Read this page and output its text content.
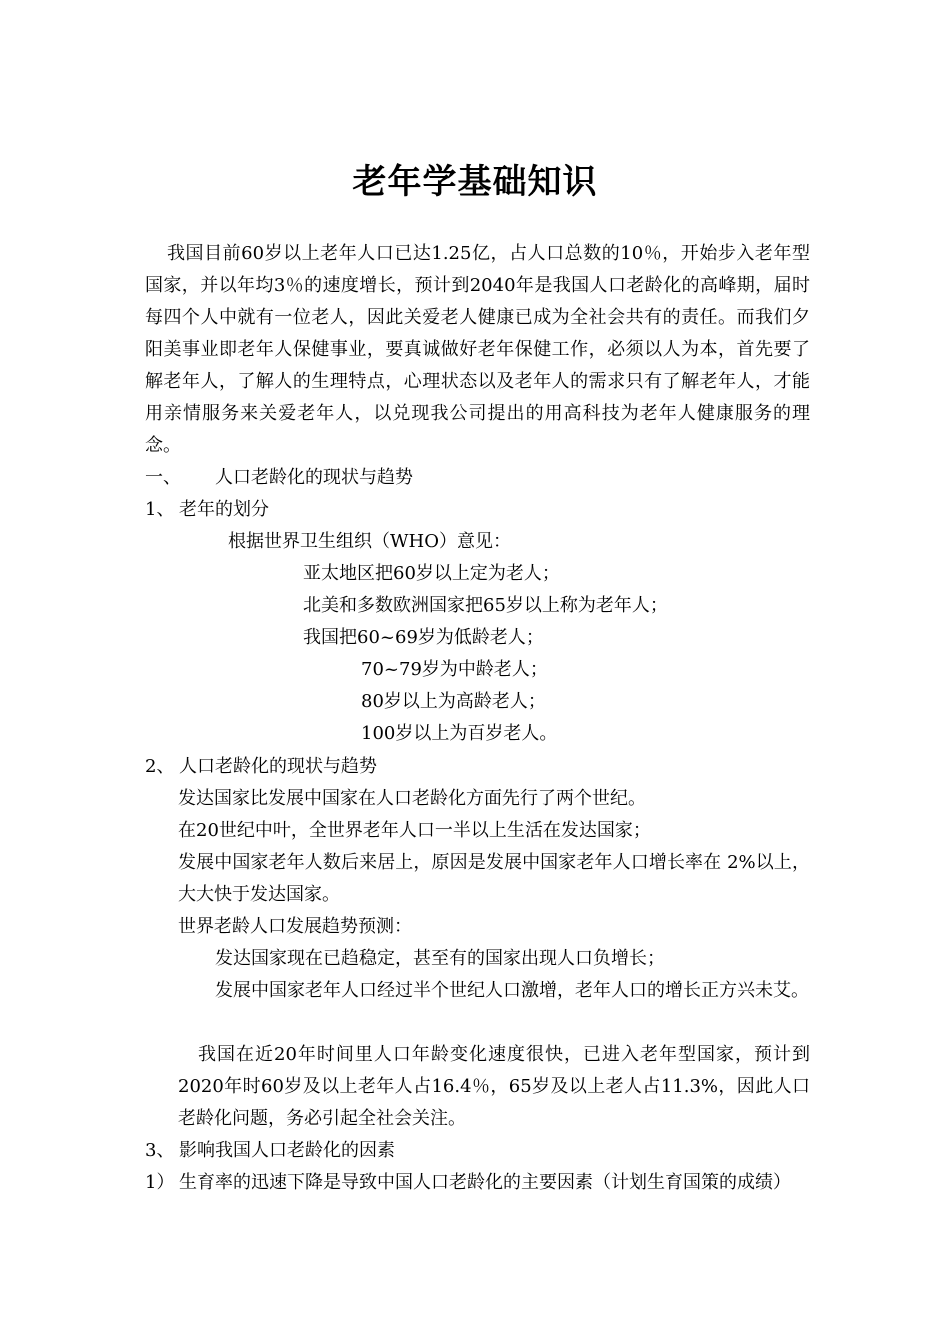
老年学基础知识

我国目前60岁以上老年人口已达1.25亿，占人口总数的10％，开始步入老年型国家，并以年均3％的速度增长，预计到2040年是我国人口老龄化的高峰期，届时每四个人中就有一位老人，因此关爱老人健康已成为全社会共有的责任。而我们夕阳美事业即老年人保健事业，要真诚做好老年保健工作，必须以人为本，首先要了解老年人，了解人的生理特点，心理状态以及老年人的需求只有了解老年人，才能用亲情服务来关爱老年人，以兑现我公司提出的用高科技为老年人健康服务的理念。

一、 人口老龄化的现状与趋势
1、 老年的划分
根据世界卫生组织（WHO）意见：
亚太地区把60岁以上定为老人；
北美和多数欧洲国家把65岁以上称为老年人；
我国把60~69岁为低龄老人；
70~79岁为中龄老人；
80岁以上为高龄老人；
100岁以上为百岁老人。
2、 人口老龄化的现状与趋势
发达国家比发展中国家在人口老龄化方面先行了两个世纪。
在20世纪中叶，全世界老年人口一半以上生活在发达国家；

发展中国家老年人数后来居上，原因是发展中国家老年人口增长率在 2%以上，大大快于发达国家。

世界老龄人口发展趋势预测：
发达国家现在已趋稳定，甚至有的国家出现人口负增长；

发展中国家老年人口经过半个世纪人口激增，老年人口的增长正方兴未艾。

我国在近20年时间里人口年龄变化速度很快，已进入老年型国家，预计到2020年时60岁及以上老年人占16.4％，65岁及以上老人占11.3%，因此人口老龄化问题，务必引起全社会关注。

3、 影响我国人口老龄化的因素
1） 生育率的迅速下降是导致中国人口老龄化的主要因素（计划生育国策的成绩）
